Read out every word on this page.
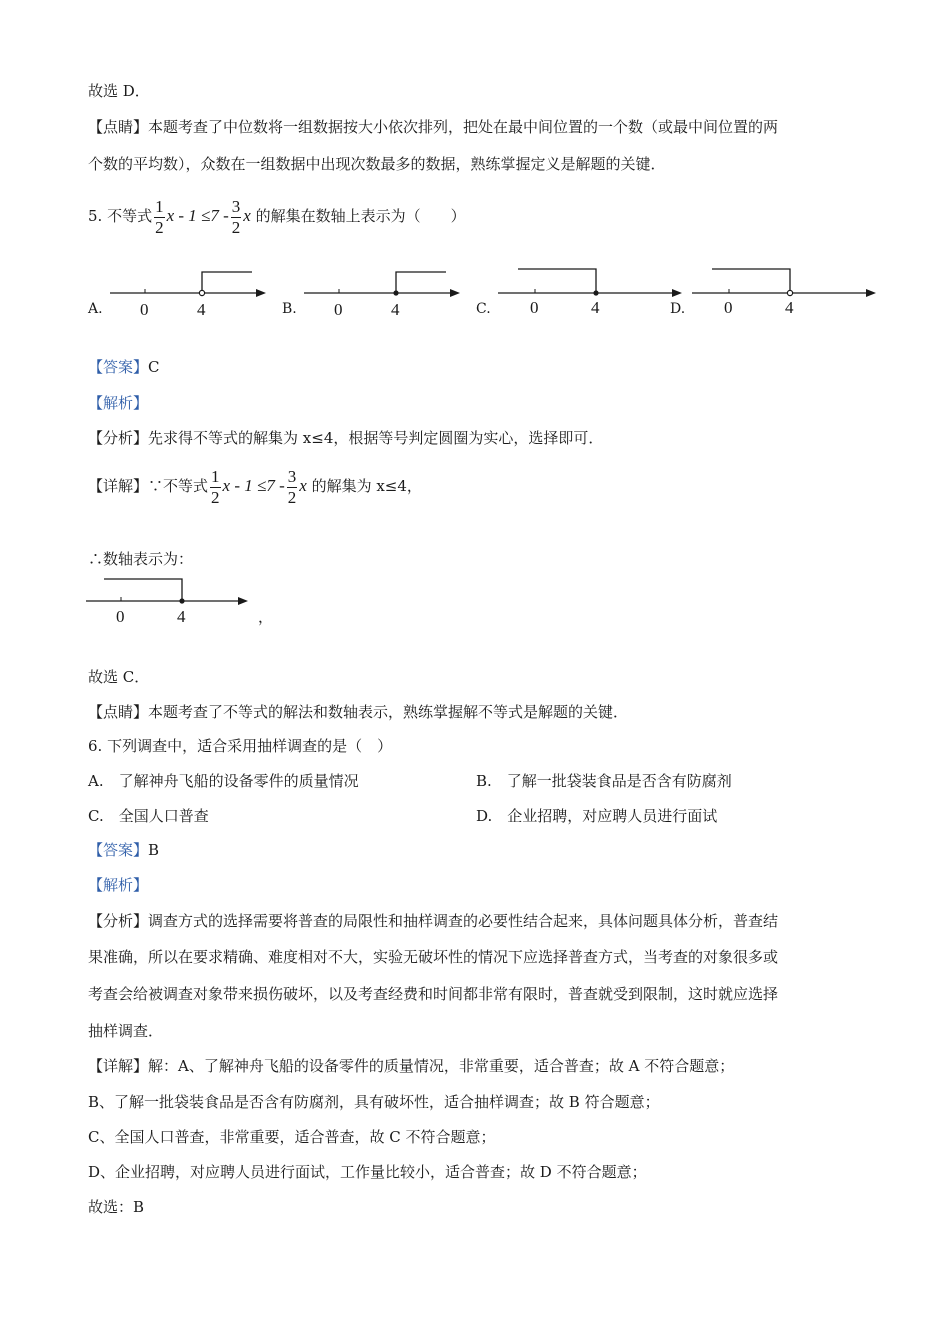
故选 D．
【点睛】本题考查了中位数将一组数据按大小依次排列，把处在最中间位置的一个数（或最中间位置的两
个数的平均数），众数在一组数据中出现次数最多的数据，熟练掌握定义是解题的关键．
5. 不等式 $\frac{1}{2}$ $x - 1 \le 7 - \frac{3}{2}$ x 的解集在数轴上表示为（　　）
A. 0	4	B. 0	4	C. 0	4	D. 0	4
【答案】C
【解析】
【分析】先求得不等式的解集为 x≤4，根据等号判定圆圈为实心，选择即可．
【详解】∵不等式 $\frac{1}{2}$ $x - 1 \le 7 - \frac{3}{2}$ x 的解集为 x≤4，
∴数轴表示为：
0	4	，
故选 C．
【点睛】本题考查了不等式的解法和数轴表示，熟练掌握解不等式是解题的关键．
6. 下列调查中，适合采用抽样调查的是（　）
A.　了解神舟飞船的设备零件的质量情况	B.　了解一批袋装食品是否含有防腐剂
C.　全国人口普查	D.　企业招聘，对应聘人员进行面试
【答案】B
【解析】
【分析】调查方式的选择需要将普查的局限性和抽样调查的必要性结合起来，具体问题具体分析，普查结
果准确，所以在要求精确、难度相对不大，实验无破坏性的情况下应选择普查方式，当考查的对象很多或
考查会给被调查对象带来损伤破坏，以及考查经费和时间都非常有限时，普查就受到限制，这时就应选择
抽样调查．
【详解】解：A、了解神舟飞船的设备零件的质量情况，非常重要，适合普查；故 A 不符合题意；
B、了解一批袋装食品是否含有防腐剂，具有破坏性，适合抽样调查；故 B 符合题意；
C、全国人口普查，非常重要，适合普查，故 C 不符合题意；
D、企业招聘，对应聘人员进行面试，工作量比较小，适合普查；故 D 不符合题意；
故选：B
